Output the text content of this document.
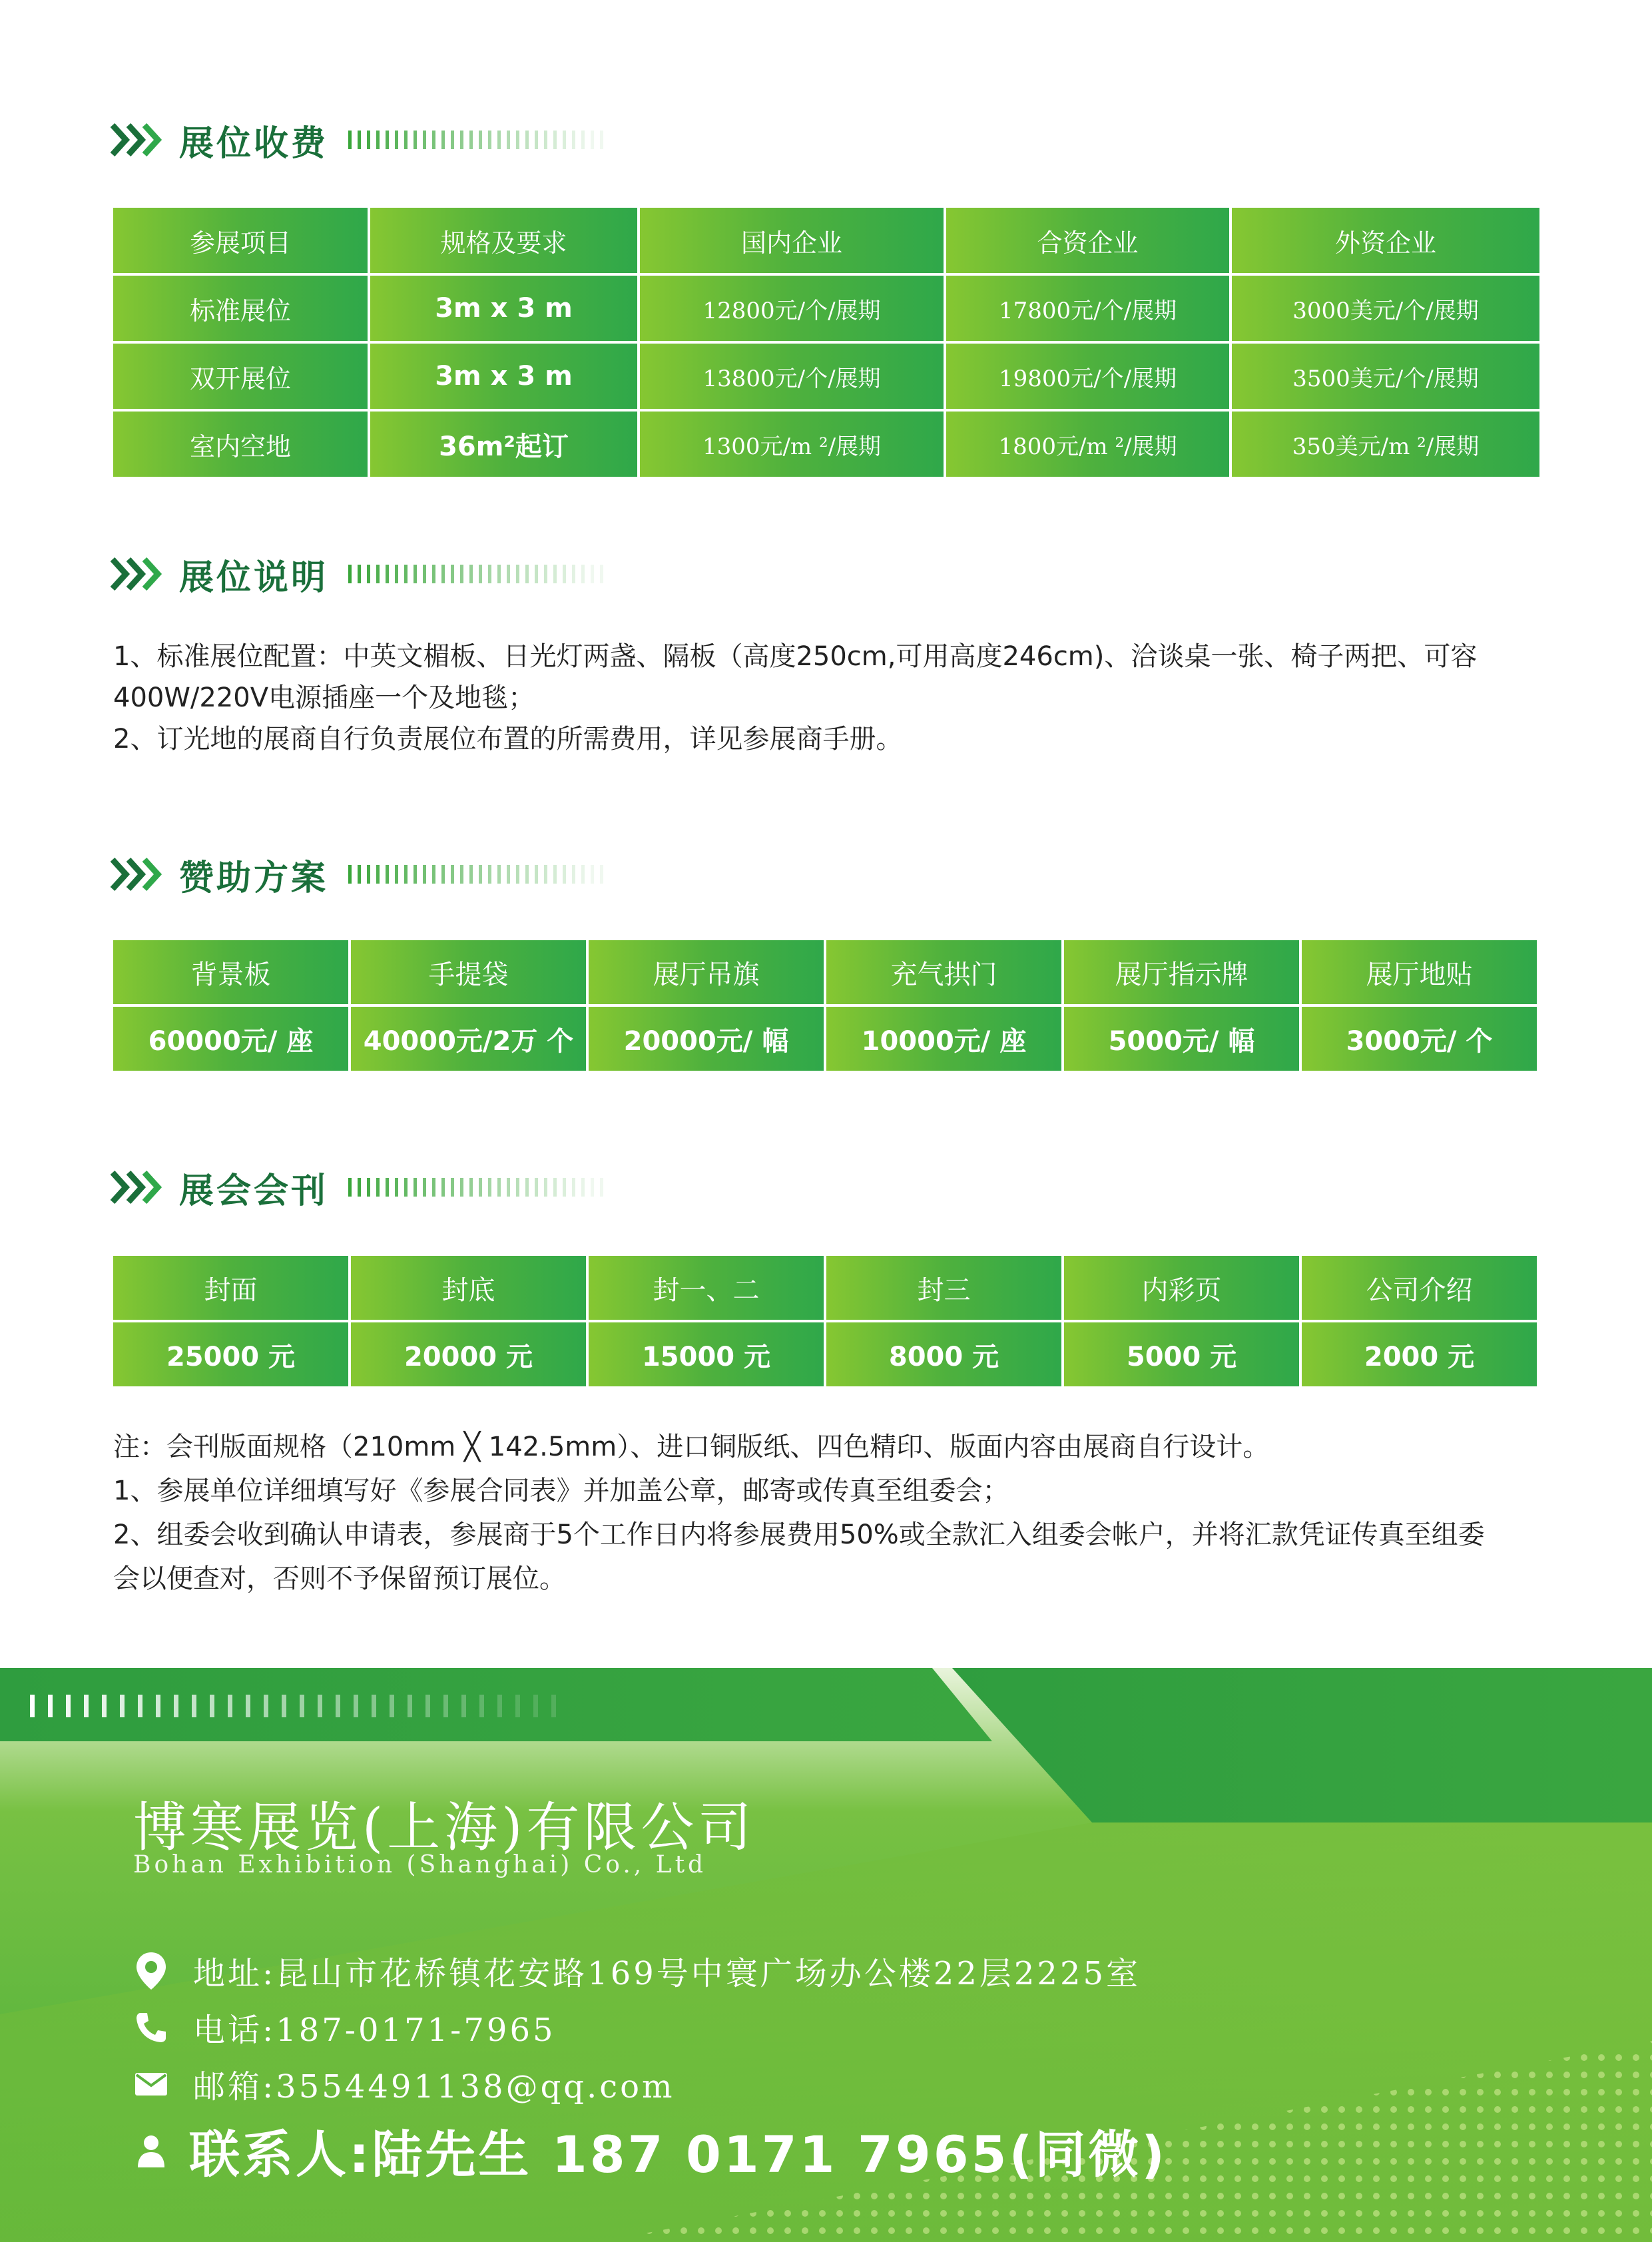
展位收费
参展项目	规格及要求	国内企业	合资企业	外资企业
标准展位	3m x 3 m	12800元/个/展期	17800元/个/展期	3000美元/个/展期
双开展位	3m x 3 m	13800元/个/展期	19800元/个/展期	3500美元/个/展期
室内空地	36m²起订	1300元/m ²/展期	1800元/m ²/展期	350美元/m ²/展期
展位说明

1、标准展位配置：中英文楣板、日光灯两盏、隔板（高度250cm,可用高度246cm)、洽谈桌一张、椅子两把、可容

400W/220V电源插座一个及地毯；

2、订光地的展商自行负责展位布置的所需费用，详见参展商手册。

赞助方案
背景板	手提袋	展厅吊旗	充气拱门	展厅指示牌	展厅地贴
60000元/ 座	40000元/2万 个	20000元/ 幅	10000元/ 座	5000元/ 幅	3000元/ 个
展会会刊
封面	封底	封一、二	封三	内彩页	公司介绍
25000 元	20000 元	15000 元	8000 元	5000 元	2000 元

注：会刊版面规格（210mm ╳ 142.5mm）、进口铜版纸、四色精印、版面内容由展商自行设计。

1、参展单位详细填写好《参展合同表》并加盖公章，邮寄或传真至组委会；

2、组委会收到确认申请表，参展商于5个工作日内将参展费用50%或全款汇入组委会帐户，并将汇款凭证传真至组委

会以便查对，否则不予保留预订展位。

博寒展览(上海)有限公司
Bohan Exhibition (Shanghai) Co., Ltd
地址:昆山市花桥镇花安路169号中寰广场办公楼22层2225室
电话:187-0171-7965
邮箱:3554491138@qq.com
联系人:陆先生 187 0171 7965(同微)
